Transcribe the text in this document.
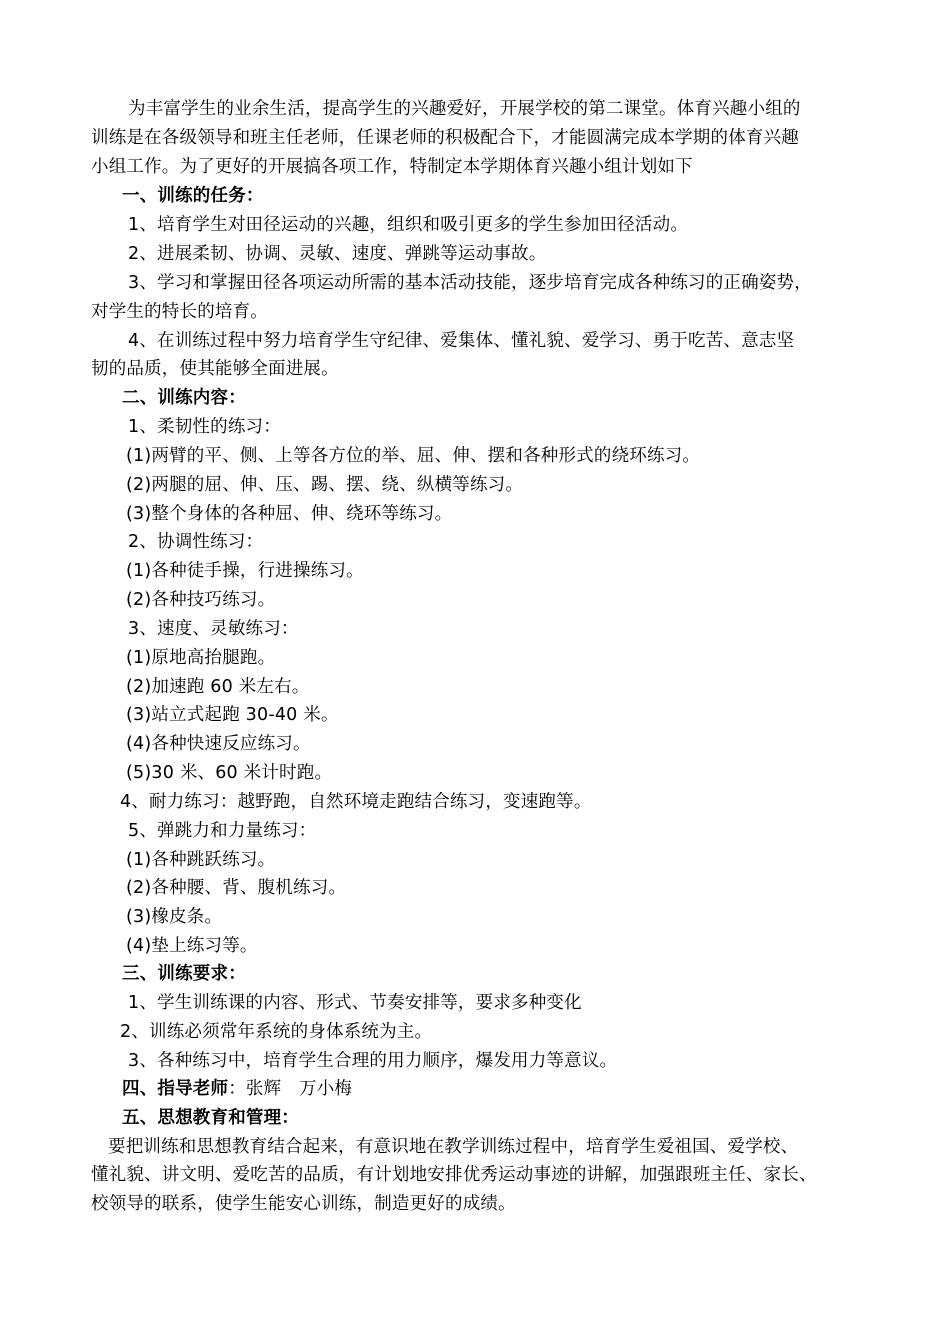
为丰富学生的业余生活，提高学生的兴趣爱好，开展学校的第二课堂。体育兴趣小组的
训练是在各级领导和班主任老师，任课老师的积极配合下，才能圆满完成本学期的体育兴趣
小组工作。为了更好的开展搞各项工作，特制定本学期体育兴趣小组计划如下
一、训练的任务：
1、培育学生对田径运动的兴趣，组织和吸引更多的学生参加田径活动。
2、进展柔韧、协调、灵敏、速度、弹跳等运动事故。
3、学习和掌握田径各项运动所需的基本活动技能，逐步培育完成各种练习的正确姿势，
对学生的特长的培育。
4、在训练过程中努力培育学生守纪律、爱集体、懂礼貌、爱学习、勇于吃苦、意志坚
韧的品质，使其能够全面进展。
二、训练内容：
1、柔韧性的练习：
(1)两臂的平、侧、上等各方位的举、屈、伸、摆和各种形式的绕环练习。
(2)两腿的屈、伸、压、踢、摆、绕、纵横等练习。
(3)整个身体的各种屈、伸、绕环等练习。
2、协调性练习：
(1)各种徒手操，行进操练习。
(2)各种技巧练习。
3、速度、灵敏练习：
(1)原地高抬腿跑。
(2)加速跑 60 米左右。
(3)站立式起跑 30-40 米。
(4)各种快速反应练习。
(5)30 米、60 米计时跑。
4、耐力练习：越野跑，自然环境走跑结合练习，变速跑等。
5、弹跳力和力量练习：
(1)各种跳跃练习。
(2)各种腰、背、腹机练习。
(3)橡皮条。
(4)垫上练习等。
三、训练要求：
1、学生训练课的内容、形式、节奏安排等，要求多种变化
2、训练必须常年系统的身体系统为主。
3、各种练习中，培育学生合理的用力顺序，爆发用力等意议。
四、指导老师：张辉　万小梅
五、思想教育和管理：
要把训练和思想教育结合起来，有意识地在教学训练过程中，培育学生爱祖国、爱学校、
懂礼貌、讲文明、爱吃苦的品质，有计划地安排优秀运动事迹的讲解，加强跟班主任、家长、
校领导的联系，使学生能安心训练，制造更好的成绩。
